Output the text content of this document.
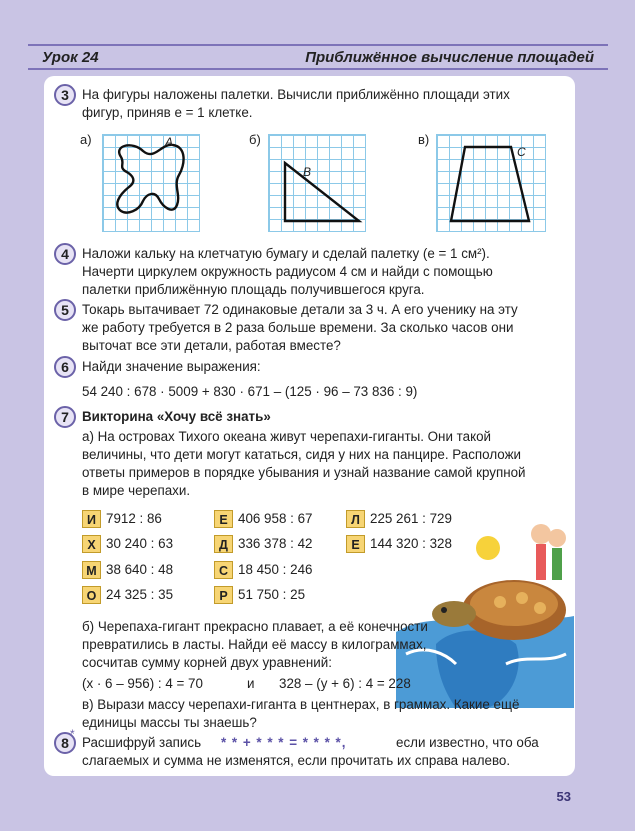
Урок 24	Приближённое вычисление площадей
3 На фигуры наложены палетки. Вычисли приближённо площади этих
фигур, приняв е = 1 клетке.
а)	A	б)
B
в)
C
4 Наложи кальку на клетчатую бумагу и сделай палетку (е = 1 см²).
Начерти циркулем окружность радиусом 4 см и найди с помощью
палетки приближённую площадь получившегося круга.
5 Токарь вытачивает 72 одинаковые детали за 3 ч. А его ученику на эту
же работу требуется в 2 раза больше времени. За сколько часов они
выточат все эти детали, работая вместе?
6 Найди значение выражения:
54 240 : 678 · 5009 + 830 · 671 – (125 · 96 – 73 836 : 9)
7 Викторина «Хочу всё знать»
а) На островах Тихого океана живут черепахи-гиганты. Они такой
величины, что дети могут кататься, сидя у них на панцире. Расположи
ответы примеров в порядке убывания и узнай название самой крупной
в мире черепахи.
И 7912 : 86	Е 406 958 : 67	Л 225 261 : 729
Х 30 240 : 63	Д 336 378 : 42	Е 144 320 : 328
М 38 640 : 48	С 18 450 : 246
О 24 325 : 35	Р 51 750 : 25
б) Черепаха-гигант прекрасно плавает, а её конечности
превратились в ласты. Найди её массу в килограммах,
сосчитав сумму корней двух уравнений:
(х · 6 – 956) : 4 = 70	и 328 – (у + 6) : 4 = 228
в) Вырази массу черепахи-гиганта в центнерах, в граммах. Какие ещё
единицы массы ты знаешь?
8 Расшифруй запись * * + * * * = * * * *,	если известно, что оба
слагаемых и сумма не изменятся, если прочитать их справа налево.
*
53
